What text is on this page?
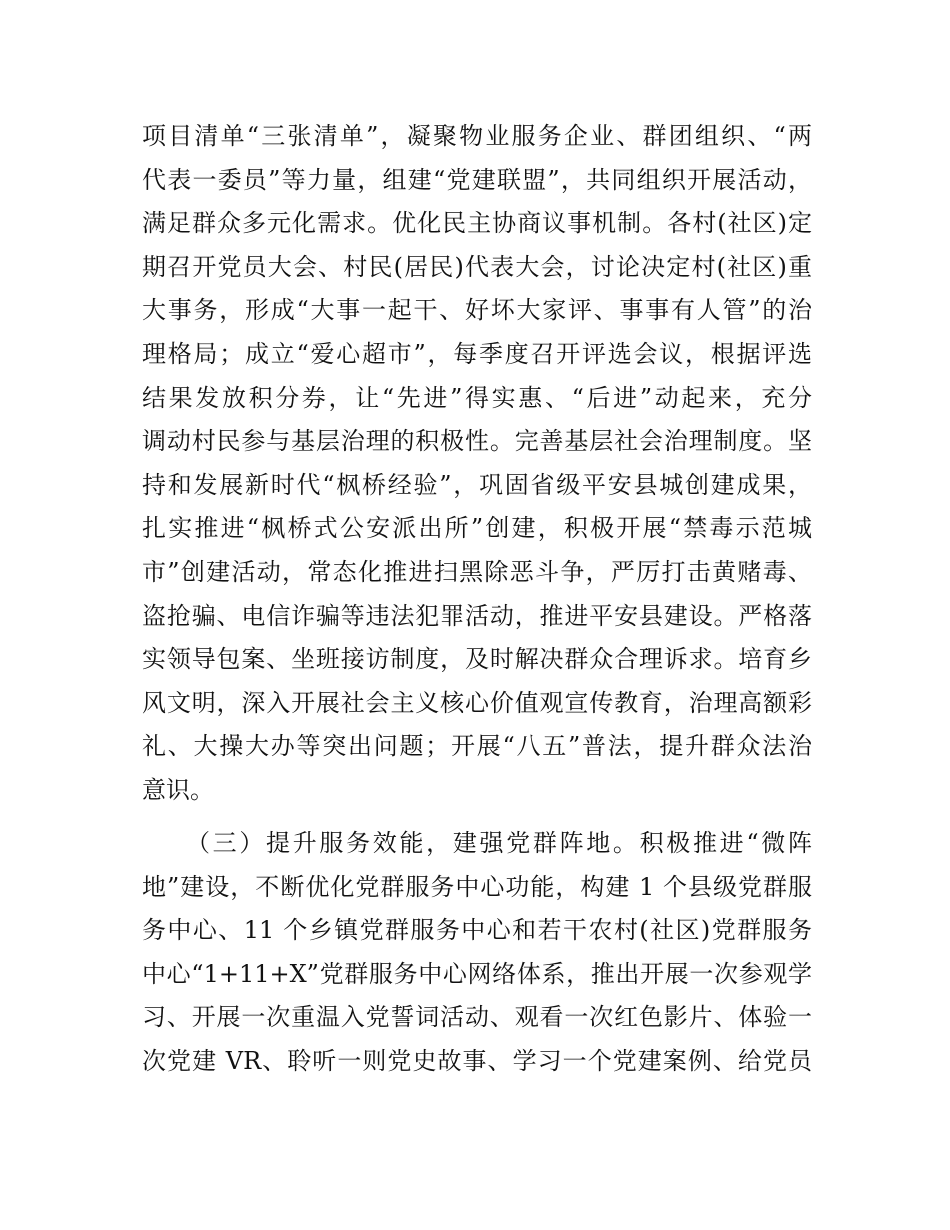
项目清单“三张清单”，凝聚物业服务企业、群团组织、“两
代表一委员”等力量，组建“党建联盟”，共同组织开展活动，
满足群众多元化需求。优化民主协商议事机制。各村(社区)定
期召开党员大会、村民(居民)代表大会，讨论决定村(社区)重
大事务，形成“大事一起干、好坏大家评、事事有人管”的治
理格局；成立“爱心超市”，每季度召开评选会议，根据评选
结果发放积分券，让“先进”得实惠、“后进”动起来，充分
调动村民参与基层治理的积极性。完善基层社会治理制度。坚
持和发展新时代“枫桥经验”，巩固省级平安县城创建成果，
扎实推进“枫桥式公安派出所”创建，积极开展“禁毒示范城
市”创建活动，常态化推进扫黑除恶斗争，严厉打击黄赌毒、
盗抢骗、电信诈骗等违法犯罪活动，推进平安县建设。严格落
实领导包案、坐班接访制度，及时解决群众合理诉求。培育乡
风文明，深入开展社会主义核心价值观宣传教育，治理高额彩
礼、大操大办等突出问题；开展“八五”普法，提升群众法治
意识。
（三）提升服务效能，建强党群阵地。积极推进“微阵
地”建设，不断优化党群服务中心功能，构建 1 个县级党群服
务中心、11 个乡镇党群服务中心和若干农村(社区)党群服务
中心“1+11+X”党群服务中心网络体系，推出开展一次参观学
习、开展一次重温入党誓词活动、观看一次红色影片、体验一
次党建 VR、聆听一则党史故事、学习一个党建案例、给党员
